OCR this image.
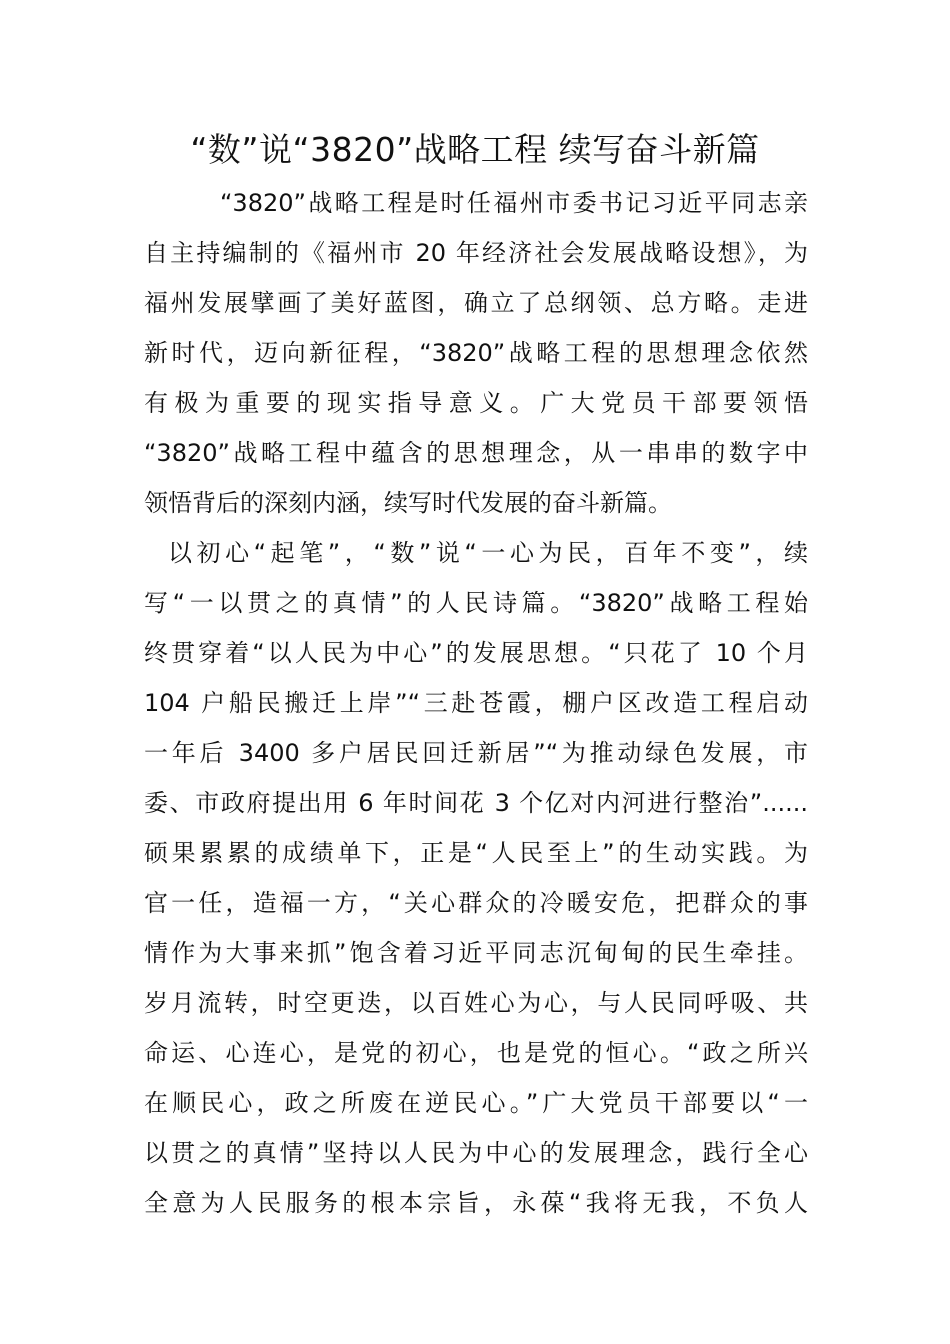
“数”说“3820”战略工程 续写奋斗新篇
“3820”战略工程是时任福州市委书记习近平同志亲
自主持编制的《福州市 20 年经济社会发展战略设想》，为
福州发展擘画了美好蓝图，确立了总纲领、总方略。走进
新时代，迈向新征程，“3820”战略工程的思想理念依然
有极为重要的现实指导意义。广大党员干部要领悟
“3820”战略工程中蕴含的思想理念，从一串串的数字中
领悟背后的深刻内涵，续写时代发展的奋斗新篇。
以初心“起笔”，“数”说“一心为民，百年不变”，续
写“一以贯之的真情”的人民诗篇。“3820”战略工程始
终贯穿着“以人民为中心”的发展思想。“只花了 10 个月
104 户船民搬迁上岸”“三赴苍霞，棚户区改造工程启动
一年后 3400 多户居民回迁新居”“为推动绿色发展，市
委、市政府提出用 6 年时间花 3 个亿对内河进行整治”......
硕果累累的成绩单下，正是“人民至上”的生动实践。为
官一任，造福一方，“关心群众的冷暖安危，把群众的事
情作为大事来抓”饱含着习近平同志沉甸甸的民生牵挂。
岁月流转，时空更迭，以百姓心为心，与人民同呼吸、共
命运、心连心，是党的初心，也是党的恒心。“政之所兴
在顺民心，政之所废在逆民心。”广大党员干部要以“一
以贯之的真情”坚持以人民为中心的发展理念，践行全心
全意为人民服务的根本宗旨，永葆“我将无我，不负人
